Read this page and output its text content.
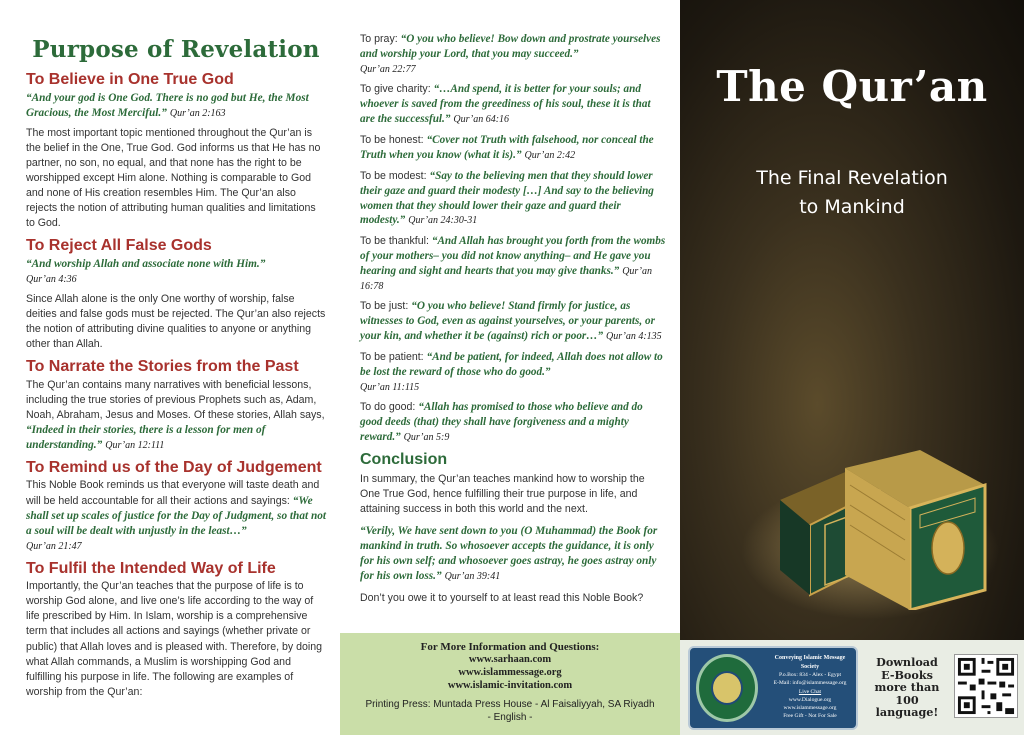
Purpose of Revelation
To Believe in One True God

“And your god is One God. There is no god but He, the Most Gracious, the Most Merciful.” Qur’an 2:163

The most important topic mentioned throughout the Qur’an is the belief in the One, True God. God informs us that He has no partner, no son, no equal, and that none has the right to be worshipped except Him alone. Nothing is comparable to God and none of His creation resembles Him. The Qur’an also rejects the notion of attributing human qualities and limitations to God.

To Reject All False Gods

“And worship Allah and associate none with Him.”
Qur’an 4:36

Since Allah alone is the only One worthy of worship, false deities and false gods must be rejected. The Qur’an also rejects the notion of attributing divine qualities to anyone or anything other than Allah.

To Narrate the Stories from the Past

The Qur’an contains many narratives with beneficial lessons, including the true stories of previous Prophets such as, Adam, Noah, Abraham, Jesus and Moses. Of these stories, Allah says, “Indeed in their stories, there is a lesson for men of understanding.” Qur’an 12:111

To Remind us of the Day of Judgement

This Noble Book reminds us that everyone will taste death and will be held accountable for all their actions and sayings: “We shall set up scales of justice for the Day of Judgment, so that not a soul will be dealt with unjustly in the least…”
Qur’an 21:47

To Fulfil the Intended Way of Life

Importantly, the Qur’an teaches that the purpose of life is to worship God alone, and live one’s life according to the way of life prescribed by Him. In Islam, worship is a comprehensive term that includes all actions and sayings (whether private or public) that Allah loves and is pleased with. Therefore, by doing what Allah commands, a Muslim is worshipping God and fulfilling his purpose in life. The following are examples of worship from the Qur’an:

To pray: “O you who believe! Bow down and prostrate yourselves and worship your Lord, that you may succeed.”
Qur’an 22:77
To give charity: “…And spend, it is better for your souls; and whoever is saved from the greediness of his soul, these it is that are the successful.” Qur’an 64:16
To be honest: “Cover not Truth with falsehood, nor conceal the Truth when you know (what it is).” Qur’an 2:42
To be modest: “Say to the believing men that they should lower their gaze and guard their modesty […] And say to the believing women that they should lower their gaze and guard their modesty.” Qur’an 24:30-31
To be thankful: “And Allah has brought you forth from the wombs of your mothers– you did not know anything– and He gave you hearing and sight and hearts that you may give thanks.” Qur’an 16:78
To be just: “O you who believe! Stand firmly for justice, as witnesses to God, even as against yourselves, or your parents, or your kin, and whether it be (against) rich or poor…” Qur’an 4:135
To be patient: “And be patient, for indeed, Allah does not allow to be lost the reward of those who do good.”
Qur’an 11:115
To do good: “Allah has promised to those who believe and do good deeds (that) they shall have forgiveness and a mighty reward.” Qur’an 5:9
Conclusion

In summary, the Qur’an teaches mankind how to worship the One True God, hence fulfilling their true purpose in life, and attaining success in both this world and the next.

“Verily, We have sent down to you (O Muhammad) the Book for mankind in truth. So whosoever accepts the guidance, it is only for his own self; and whosoever goes astray, he goes astray only for his own loss.” Qur’an 39:41

Don’t you owe it to yourself to at least read this Noble Book?

For More Information and Questions:
www.sarhaan.com
www.islammessage.org
www.islamic-invitation.com
Printing Press: Muntada Press House - Al Faisaliyyah, SA Riyadh
- English -
The Qur’an
The Final Revelation
to Mankind
Conveying Islamic Message Society
P.o.Box: 834 - Alex - Egypt
E-Mail: info@islammessage.org
Live Chat
www.Dialogue.org
www.islammessage.org
Free Gift - Not For Sale
Download
E-Books
more than
100 language!
